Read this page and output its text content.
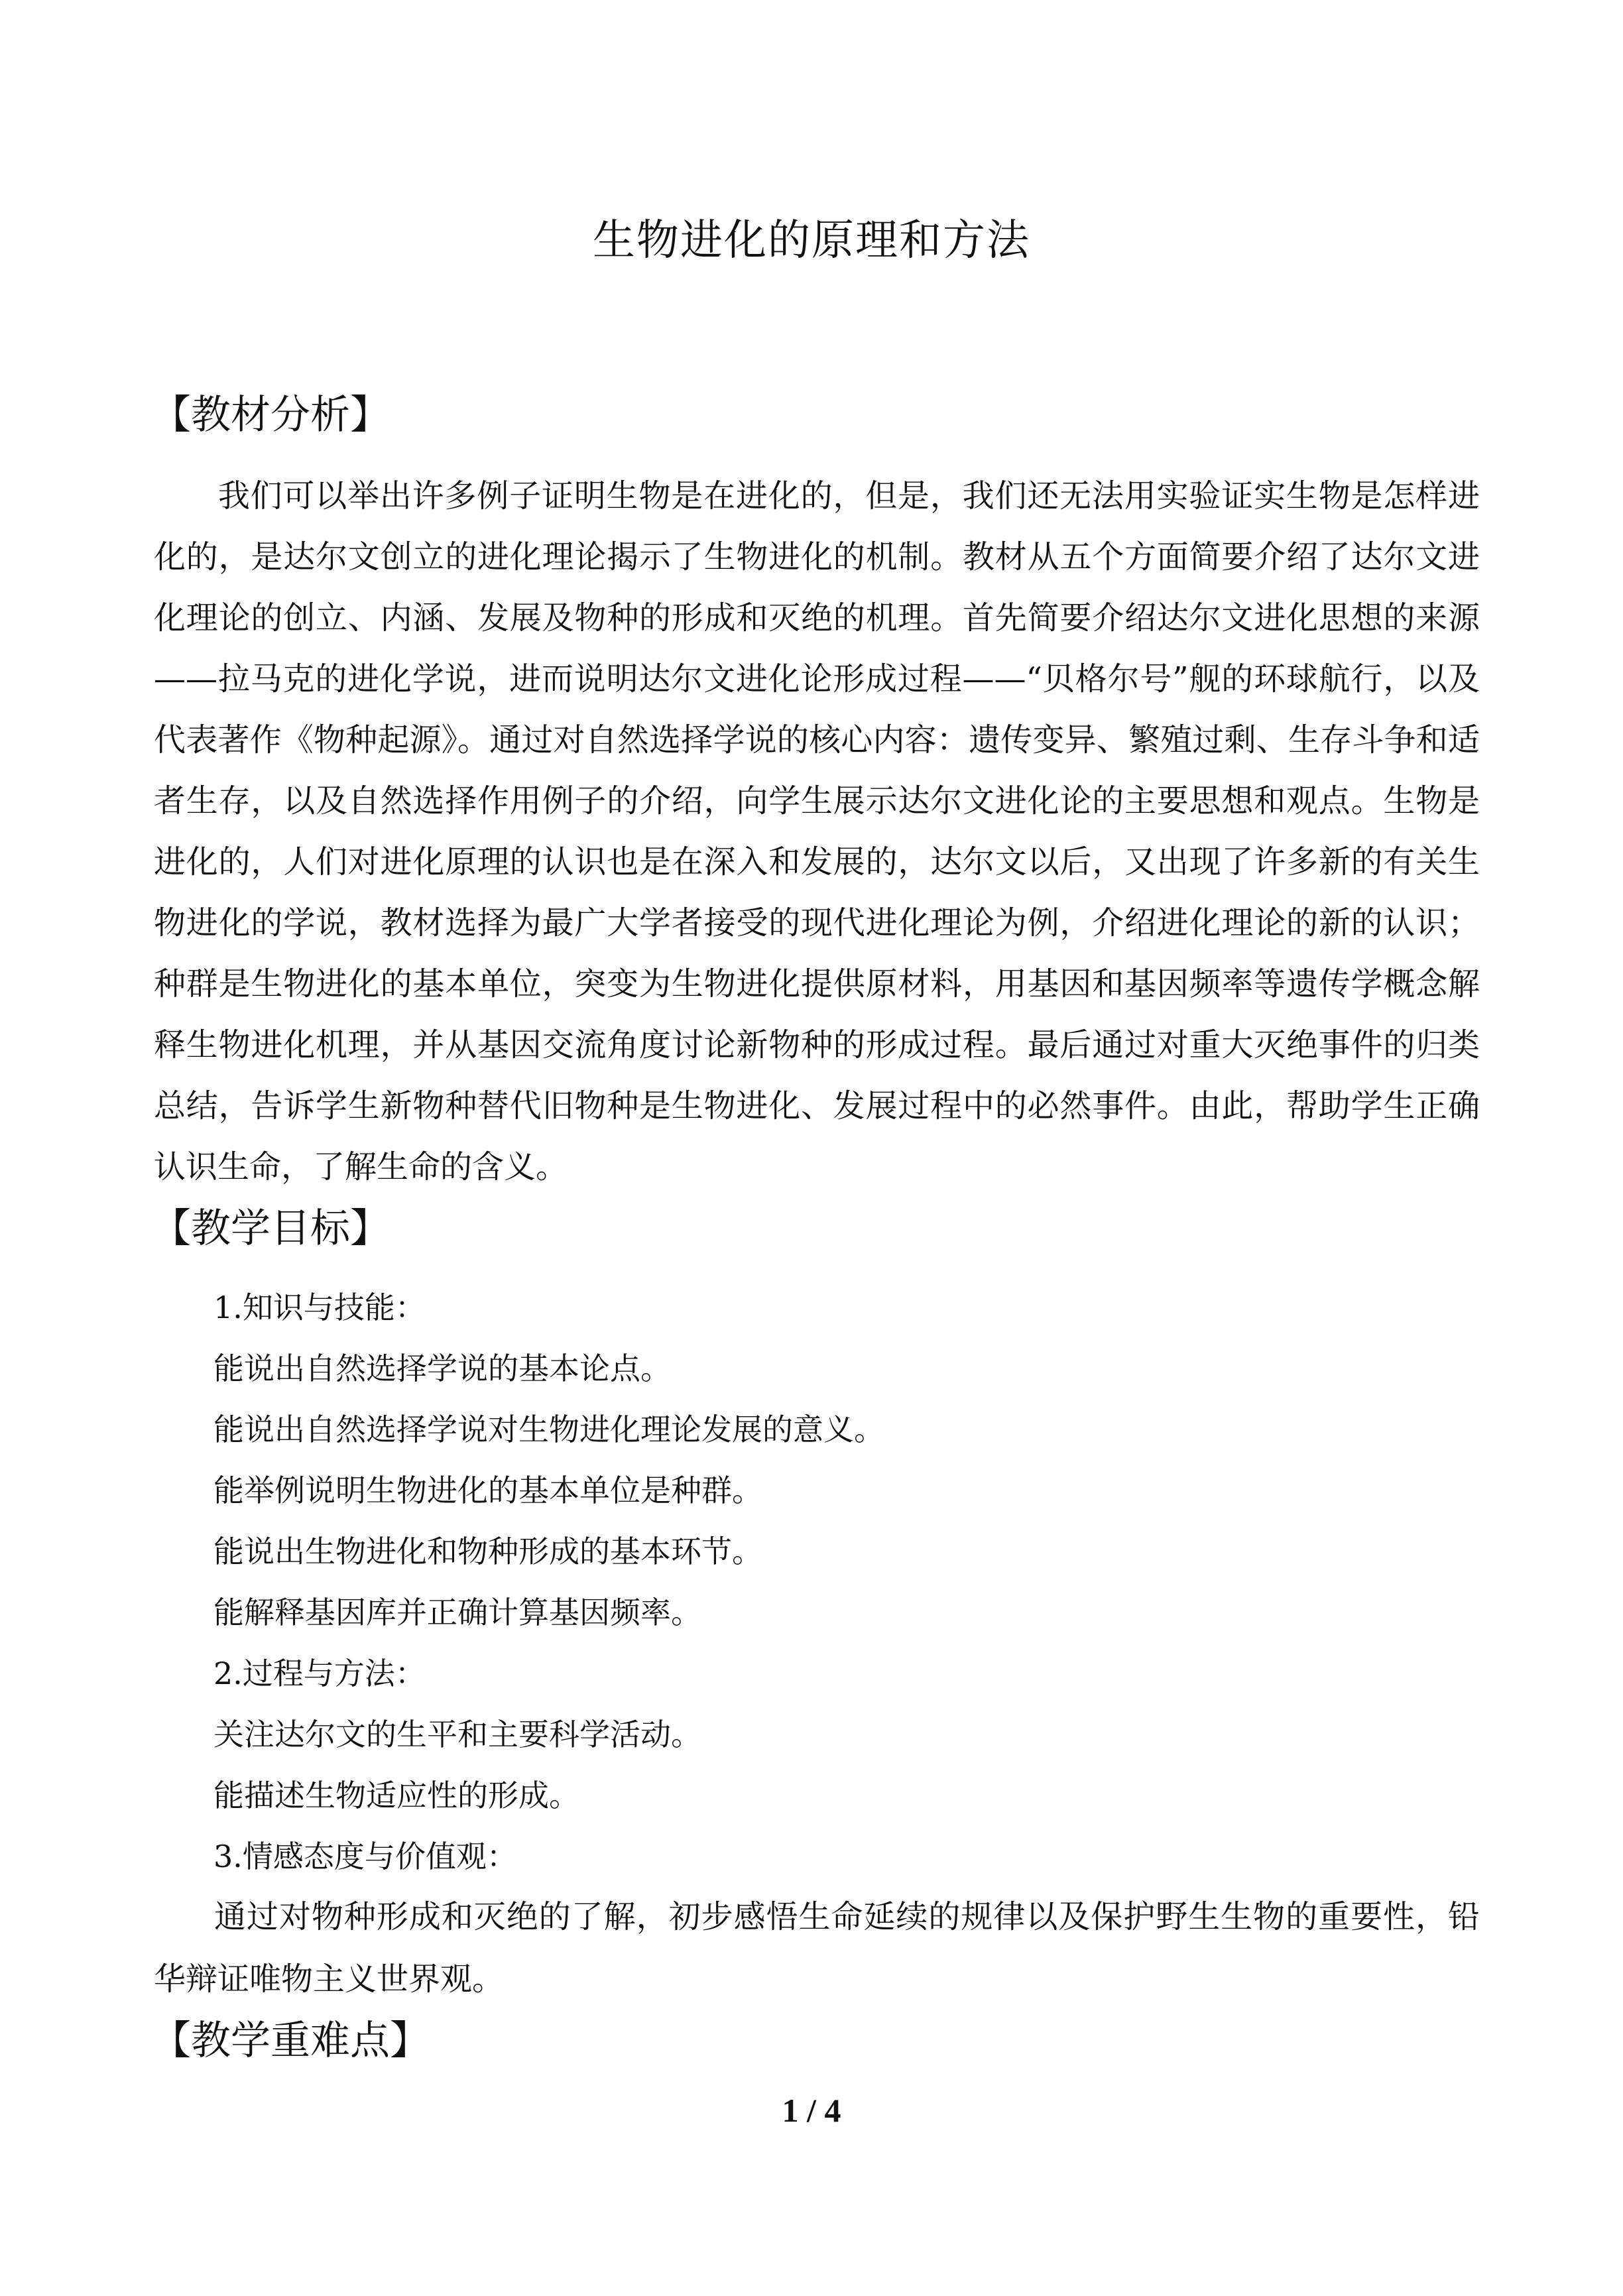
生物进化的原理和方法
【教材分析】
我们可以举出许多例子证明生物是在进化的，但是，我们还无法用实验证实生物是怎样进化的，是达尔文创立的进化理论揭示了生物进化的机制。教材从五个方面简要介绍了达尔文进化理论的创立、内涵、发展及物种的形成和灭绝的机理。首先简要介绍达尔文进化思想的来源——拉马克的进化学说，进而说明达尔文进化论形成过程——“贝格尔号”舰的环球航行，以及代表著作《物种起源》。通过对自然选择学说的核心内容：遗传变异、繁殖过剩、生存斗争和适者生存，以及自然选择作用例子的介绍，向学生展示达尔文进化论的主要思想和观点。生物是进化的，人们对进化原理的认识也是在深入和发展的，达尔文以后，又出现了许多新的有关生物进化的学说，教材选择为最广大学者接受的现代进化理论为例，介绍进化理论的新的认识；种群是生物进化的基本单位，突变为生物进化提供原材料，用基因和基因频率等遗传学概念解释生物进化机理，并从基因交流角度讨论新物种的形成过程。最后通过对重大灭绝事件的归类总结，告诉学生新物种替代旧物种是生物进化、发展过程中的必然事件。由此，帮助学生正确认识生命，了解生命的含义。
【教学目标】
1.知识与技能：
能说出自然选择学说的基本论点。
能说出自然选择学说对生物进化理论发展的意义。
能举例说明生物进化的基本单位是种群。
能说出生物进化和物种形成的基本环节。
能解释基因库并正确计算基因频率。
2.过程与方法：
关注达尔文的生平和主要科学活动。
能描述生物适应性的形成。
3.情感态度与价值观：
通过对物种形成和灭绝的了解，初步感悟生命延续的规律以及保护野生生物的重要性，铅华辩证唯物主义世界观。
【教学重难点】
1 / 4
